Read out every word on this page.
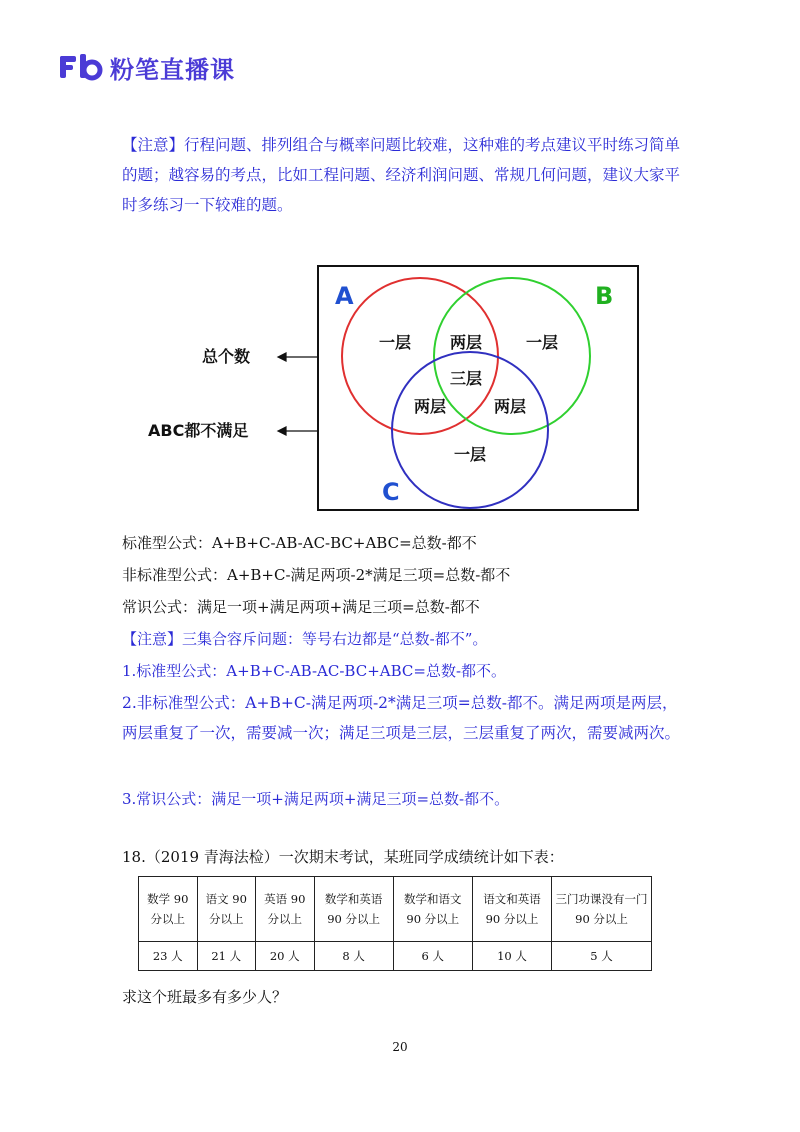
粉笔直播课
【注意】行程问题、排列组合与概率问题比较难，这种难的考点建议平时练习简单的题；越容易的考点，比如工程问题、经济利润问题、常规几何问题，建议大家平时多练习一下较难的题。
A	B
C
一层 两层	一层
三层
两层	两层
一层
总个数
ABC都不满足
标准型公式：A+B+C-AB-AC-BC+ABC=总数-都不
非标准型公式：A+B+C-满足两项-2*满足三项=总数-都不
常识公式：满足一项+满足两项+满足三项=总数-都不
【注意】三集合容斥问题：等号右边都是“总数-都不”。
1.标准型公式：A+B+C-AB-AC-BC+ABC=总数-都不。
2.非标准型公式：A+B+C-满足两项-2*满足三项=总数-都不。满足两项是两层，两层重复了一次，需要减一次；满足三项是三层，三层重复了两次，需要减两次。
3.常识公式：满足一项+满足两项+满足三项=总数-都不。
18.（2019 青海法检）一次期末考试，某班同学成绩统计如下表：
数学 90 分以上	语文 90 分以上	英语 90 分以上	数学和英语 90 分以上	数学和语文 90 分以上	语文和英语 90 分以上	三门功课没有一门 90 分以上
23 人	21 人	20 人	8 人	6 人	10 人	5 人
求这个班最多有多少人？
20
